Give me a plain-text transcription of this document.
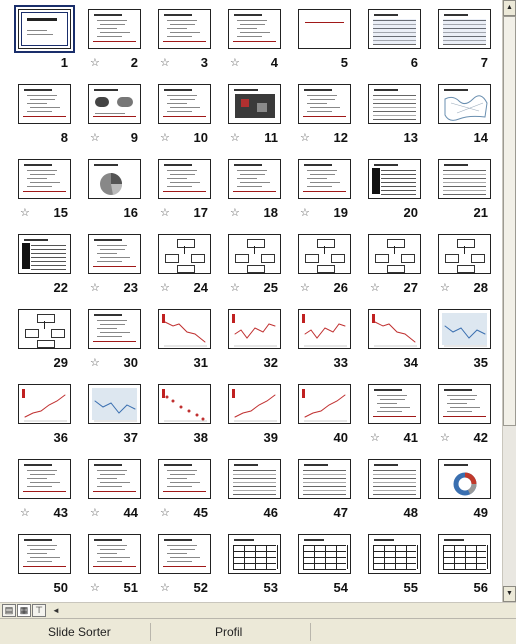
1	2
☆	3
☆	4
☆	5	6	7
8	9
☆	10
☆	11
☆	12
☆	13	14
15
☆	16	17
☆	18
☆	19
☆	20	21
22	23
☆	24
☆	25
☆	26
☆	27
☆	28
☆
29	30
☆	31	32	33	34	35
36	37	38	39	40	41
☆	42
☆
43
☆	44
☆	45
☆	46	47	48	49
50	51
☆	52
☆	53	54	55	56
▲
▼
▤ ▦ ⊤	◄
Slide Sorter	Profil
